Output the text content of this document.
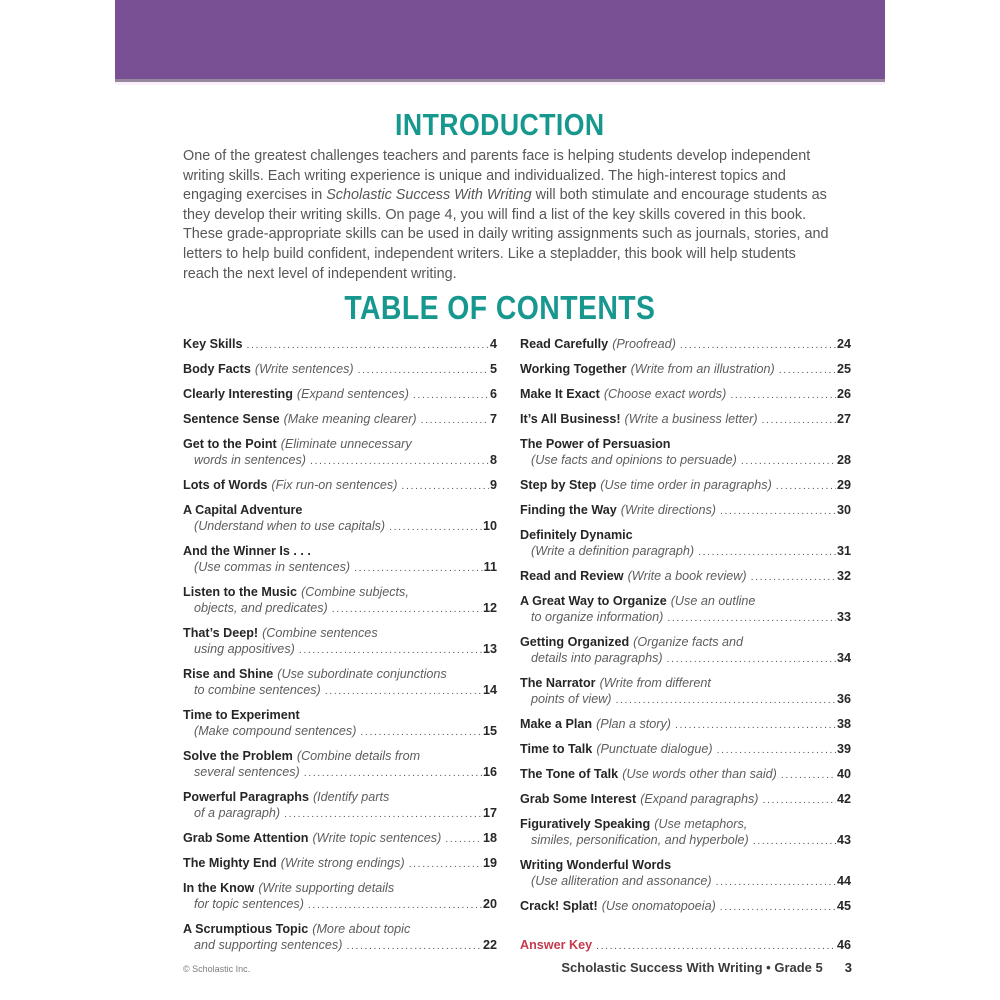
INTRODUCTION
One of the greatest challenges teachers and parents face is helping students develop independent writing skills. Each writing experience is unique and individualized. The high-interest topics and engaging exercises in Scholastic Success With Writing will both stimulate and encourage students as they develop their writing skills. On page 4, you will find a list of the key skills covered in this book. These grade-appropriate skills can be used in daily writing assignments such as journals, stories, and letters to help build confident, independent writers. Like a stepladder, this book will help students reach the next level of independent writing.
TABLE OF CONTENTS
Key Skills .....	4
Body Facts (Write sentences) .....	5
Clearly Interesting (Expand sentences) .....	6
Sentence Sense (Make meaning clearer) .....	7
Get to the Point (Eliminate unnecessary
words in sentences) .....	8
Lots of Words (Fix run-on sentences) .....	9
A Capital Adventure
(Understand when to use capitals) .....	10
And the Winner Is . . .
(Use commas in sentences) .....	11
Listen to the Music (Combine subjects,
objects, and predicates) .....	12
That’s Deep! (Combine sentences
using appositives) .....	13
Rise and Shine (Use subordinate conjunctions
to combine sentences) .....	14
Time to Experiment
(Make compound sentences) .....	15
Solve the Problem (Combine details from
several sentences) .....	16
Powerful Paragraphs (Identify parts
of a paragraph) .....	17
Grab Some Attention (Write topic sentences) .....	18
The Mighty End (Write strong endings) .....	19
In the Know (Write supporting details
for topic sentences) .....	20
A Scrumptious Topic (More about topic
and supporting sentences) .....	22
Read Carefully (Proofread) .....	24
Working Together (Write from an illustration) .....	25
Make It Exact (Choose exact words) .....	26
It’s All Business! (Write a business letter) .....	27
The Power of Persuasion
(Use facts and opinions to persuade) .....	28
Step by Step (Use time order in paragraphs) .....	29
Finding the Way (Write directions) .....	30
Definitely Dynamic
(Write a definition paragraph) .....	31
Read and Review (Write a book review) .....	32
A Great Way to Organize (Use an outline
to organize information) .....	33
Getting Organized (Organize facts and
details into paragraphs) .....	34
The Narrator (Write from different
points of view) .....	36
Make a Plan (Plan a story) .....	38
Time to Talk (Punctuate dialogue) .....	39
The Tone of Talk (Use words other than said) .....	40
Grab Some Interest (Expand paragraphs) .....	42
Figuratively Speaking (Use metaphors,
similes, personification, and hyperbole) .....	43
Writing Wonderful Words
(Use alliteration and assonance) .....	44
Crack! Splat! (Use onomatopoeia) .....	45
Answer Key .....	46
© Scholastic Inc.	Scholastic Success With Writing • Grade 5 3
